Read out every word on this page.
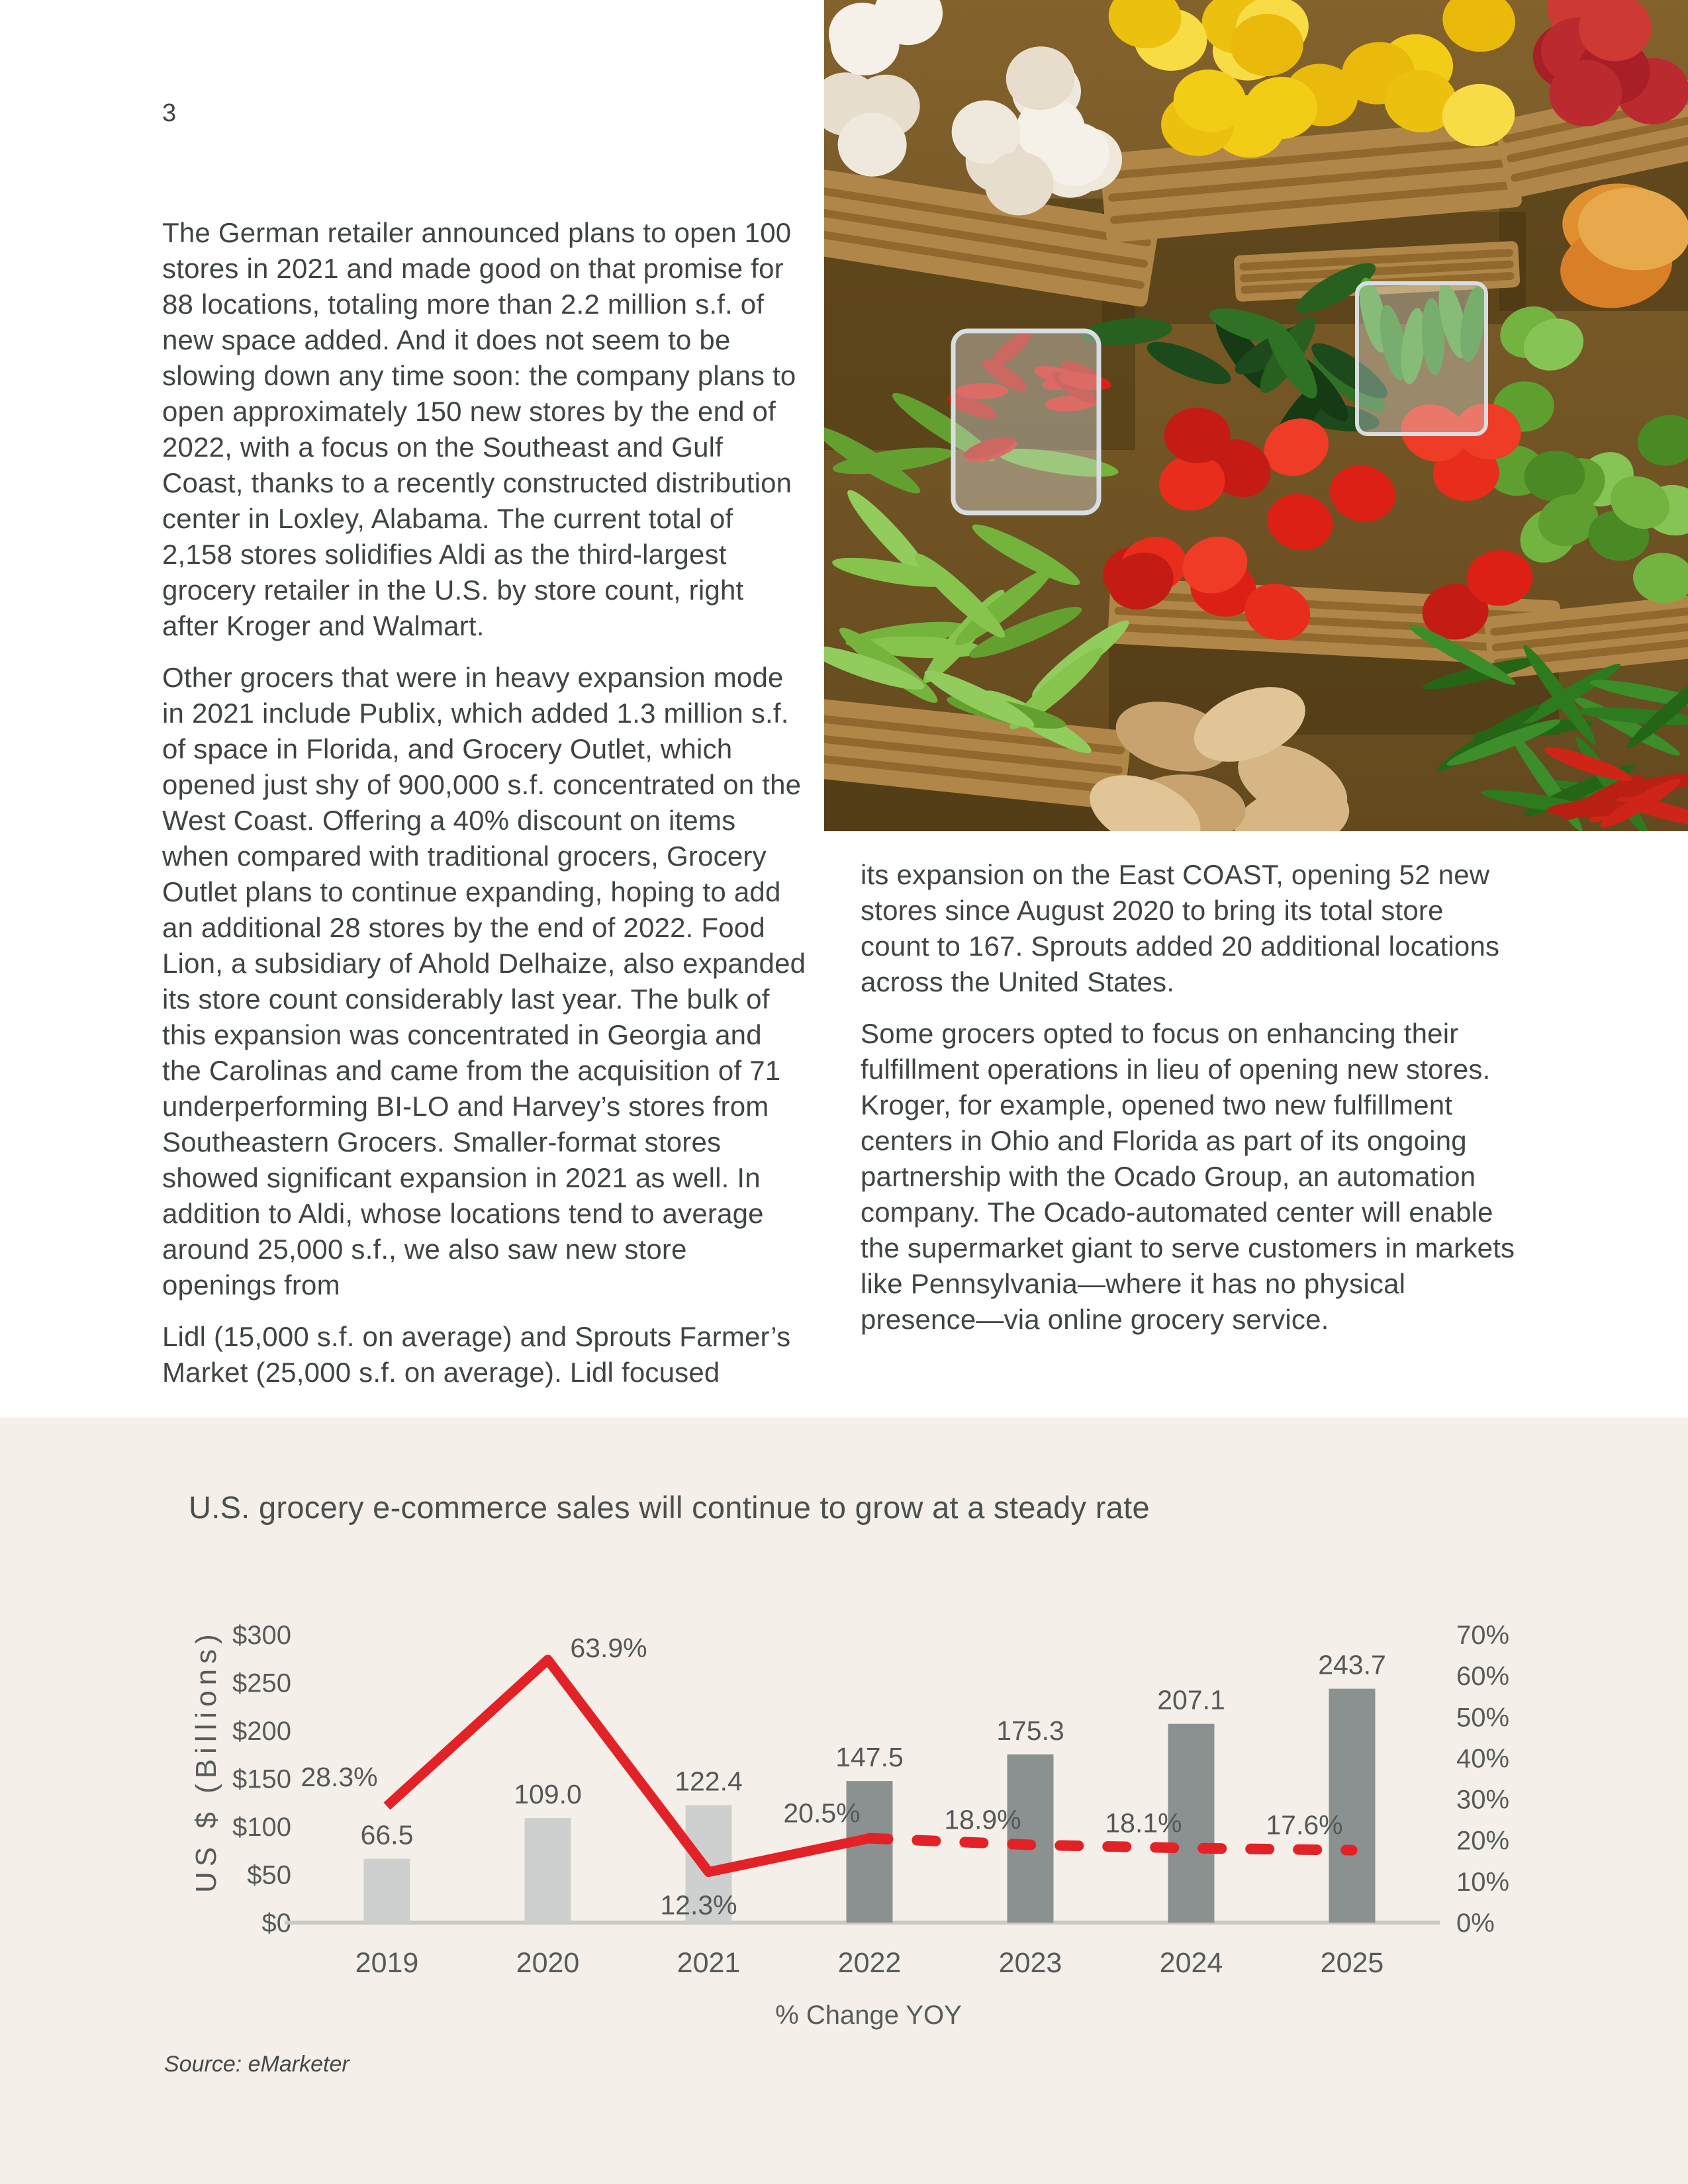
3

The German retailer announced plans to open 100 stores in 2021 and made good on that promise for 88 locations, totaling more than 2.2 million s.f. of new space added. And it does not seem to be slowing down any time soon: the company plans to open approximately 150 new stores by the end of 2022, with a focus on the Southeast and Gulf Coast, thanks to a recently constructed distribution center in Loxley, Alabama. The current total of 2,158 stores solidifies Aldi as the third-largest grocery retailer in the U.S. by store count, right after Kroger and Walmart.

Other grocers that were in heavy expansion mode in 2021 include Publix, which added 1.3 million s.f. of space in Florida, and Grocery Outlet, which opened just shy of 900,000 s.f. concentrated on the West Coast. Offering a 40% discount on items when compared with traditional grocers, Grocery Outlet plans to continue expanding, hoping to add an additional 28 stores by the end of 2022. Food Lion, a subsidiary of Ahold Delhaize, also expanded its store count considerably last year. The bulk of this expansion was concentrated in Georgia and the Carolinas and came from the acquisition of 71 underperforming BI-LO and Harvey’s stores from Southeastern Grocers. Smaller-format stores showed significant expansion in 2021 as well. In addition to Aldi, whose locations tend to average around 25,000 s.f., we also saw new store openings from

Lidl (15,000 s.f. on average) and Sprouts Farmer’s Market (25,000 s.f. on average). Lidl focused

its expansion on the East COAST, opening 52 new stores since August 2020 to bring its total store count to 167. Sprouts added 20 additional locations across the United States.

Some grocers opted to focus on enhancing their fulfillment operations in lieu of opening new stores. Kroger, for example, opened two new fulfillment centers in Ohio and Florida as part of its ongoing partnership with the Ocado Group, an automation company. The Ocado-automated center will enable the supermarket giant to serve customers in markets like Pennsylvania—where it has no physical presence—via online grocery service.

U.S. grocery e-commerce sales will continue to grow at a steady rate
US $ (Billions)
$0
$50
$100
$150
$200
$250
$300
0%
10%
20%
30%
40%
50%
60%
70%
66.5
109.0	122.4
147.5
175.3
207.1
243.7
28.3%
63.9%
12.3%
20.5%	18.9%	18.1%	17.6%
2019	2020	2021	2022	2023	2024	2025
% Change YOY
Source: eMarketer
